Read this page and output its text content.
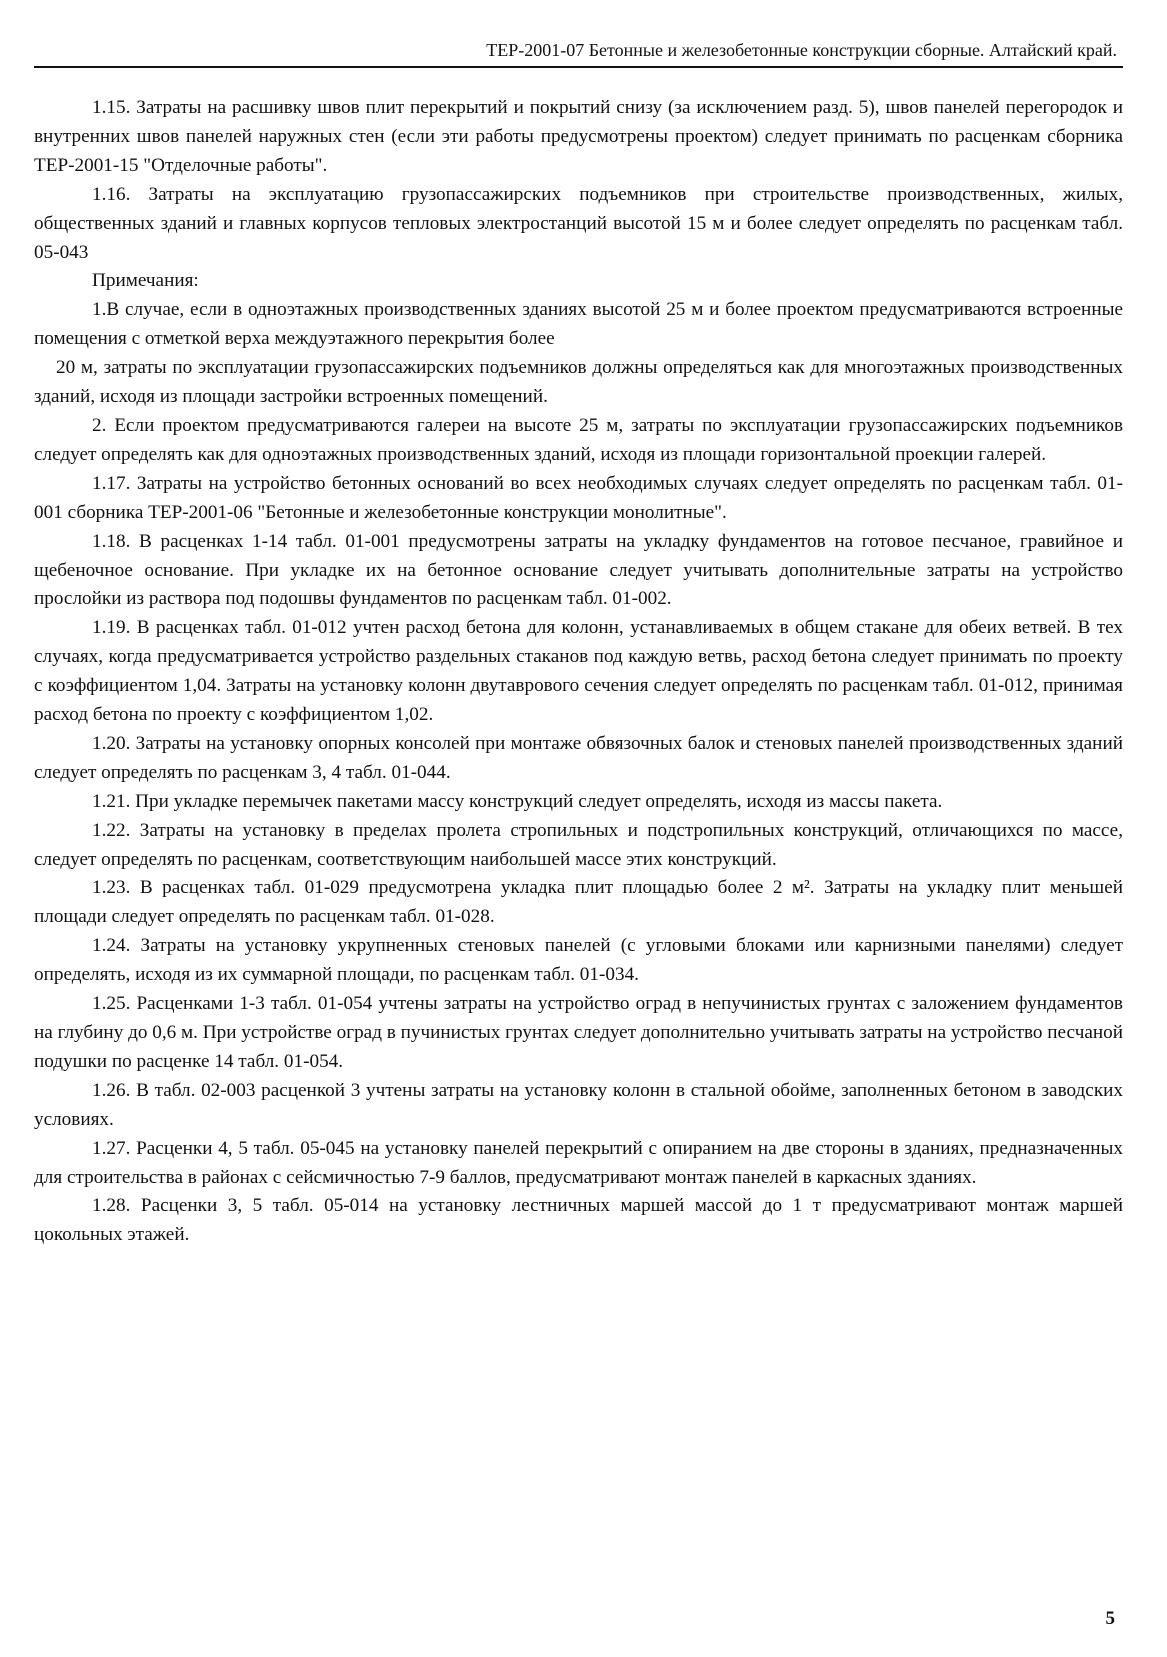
ТЕР-2001-07 Бетонные и железобетонные конструкции сборные. Алтайский край.

1.15. Затраты на расшивку швов плит перекрытий и покрытий снизу (за исключением разд. 5), швов панелей перегородок и внутренних швов панелей наружных стен (если эти работы предусмотрены проектом) следует принимать по расценкам сборника ТЕР-2001-15 "Отделочные работы".

1.16. Затраты на эксплуатацию грузопассажирских подъемников при строительстве производственных, жилых, общественных зданий и главных корпусов тепловых электростанций высотой 15 м и более следует определять по расценкам табл. 05-043

Примечания:

1.В случае, если в одноэтажных производственных зданиях высотой 25 м и более проектом предусматриваются встроенные помещения с отметкой верха междуэтажного перекрытия более

20 м, затраты по эксплуатации грузопассажирских подъемников должны определяться как для многоэтажных производственных зданий, исходя из площади застройки встроенных помещений.

2. Если проектом предусматриваются галереи на высоте 25 м, затраты по эксплуатации грузопассажирских подъемников следует определять как для одноэтажных производственных зданий, исходя из площади горизонтальной проекции галерей.

1.17. Затраты на устройство бетонных оснований во всех необходимых случаях следует определять по расценкам табл. 01-001 сборника ТЕР-2001-06 "Бетонные и железобетонные конструкции монолитные".

1.18. В расценках 1-14 табл. 01-001 предусмотрены затраты на укладку фундаментов на готовое песчаное, гравийное и щебеночное основание. При укладке их на бетонное основание следует учитывать дополнительные затраты на устройство прослойки из раствора под подошвы фундаментов по расценкам табл. 01-002.

1.19. В расценках табл. 01-012 учтен расход бетона для колонн, устанавливаемых в общем стакане для обеих ветвей. В тех случаях, когда предусматривается устройство раздельных стаканов под каждую ветвь, расход бетона следует принимать по проекту с коэффициентом 1,04. Затраты на установку колонн двутаврового сечения следует определять по расценкам табл. 01-012, принимая расход бетона по проекту с коэффициентом 1,02.

1.20. Затраты на установку опорных консолей при монтаже обвязочных балок и стеновых панелей производственных зданий следует определять по расценкам 3, 4 табл. 01-044.

1.21. При укладке перемычек пакетами массу конструкций следует определять, исходя из массы пакета.

1.22. Затраты на установку в пределах пролета стропильных и подстропильных конструкций, отличающихся по массе, следует определять по расценкам, соответствующим наибольшей массе этих конструкций.

1.23. В расценках табл. 01-029 предусмотрена укладка плит площадью более 2 м². Затраты на укладку плит меньшей площади следует определять по расценкам табл. 01-028.

1.24. Затраты на установку укрупненных стеновых панелей (с угловыми блоками или карнизными панелями) следует определять, исходя из их суммарной площади, по расценкам табл. 01-034.

1.25. Расценками 1-3 табл. 01-054 учтены затраты на устройство оград в непучинистых грунтах с заложением фундаментов на глубину до 0,6 м. При устройстве оград в пучинистых грунтах следует дополнительно учитывать затраты на устройство песчаной подушки по расценке 14 табл. 01-054.

1.26. В табл. 02-003 расценкой 3 учтены затраты на установку колонн в стальной обойме, заполненных бетоном в заводских условиях.

1.27. Расценки 4, 5 табл. 05-045 на установку панелей перекрытий с опиранием на две стороны в зданиях, предназначенных для строительства в районах с сейсмичностью 7-9 баллов, предусматривают монтаж панелей в каркасных зданиях.

1.28. Расценки 3, 5 табл. 05-014 на установку лестничных маршей массой до 1 т предусматривают монтаж маршей цокольных этажей.

5
